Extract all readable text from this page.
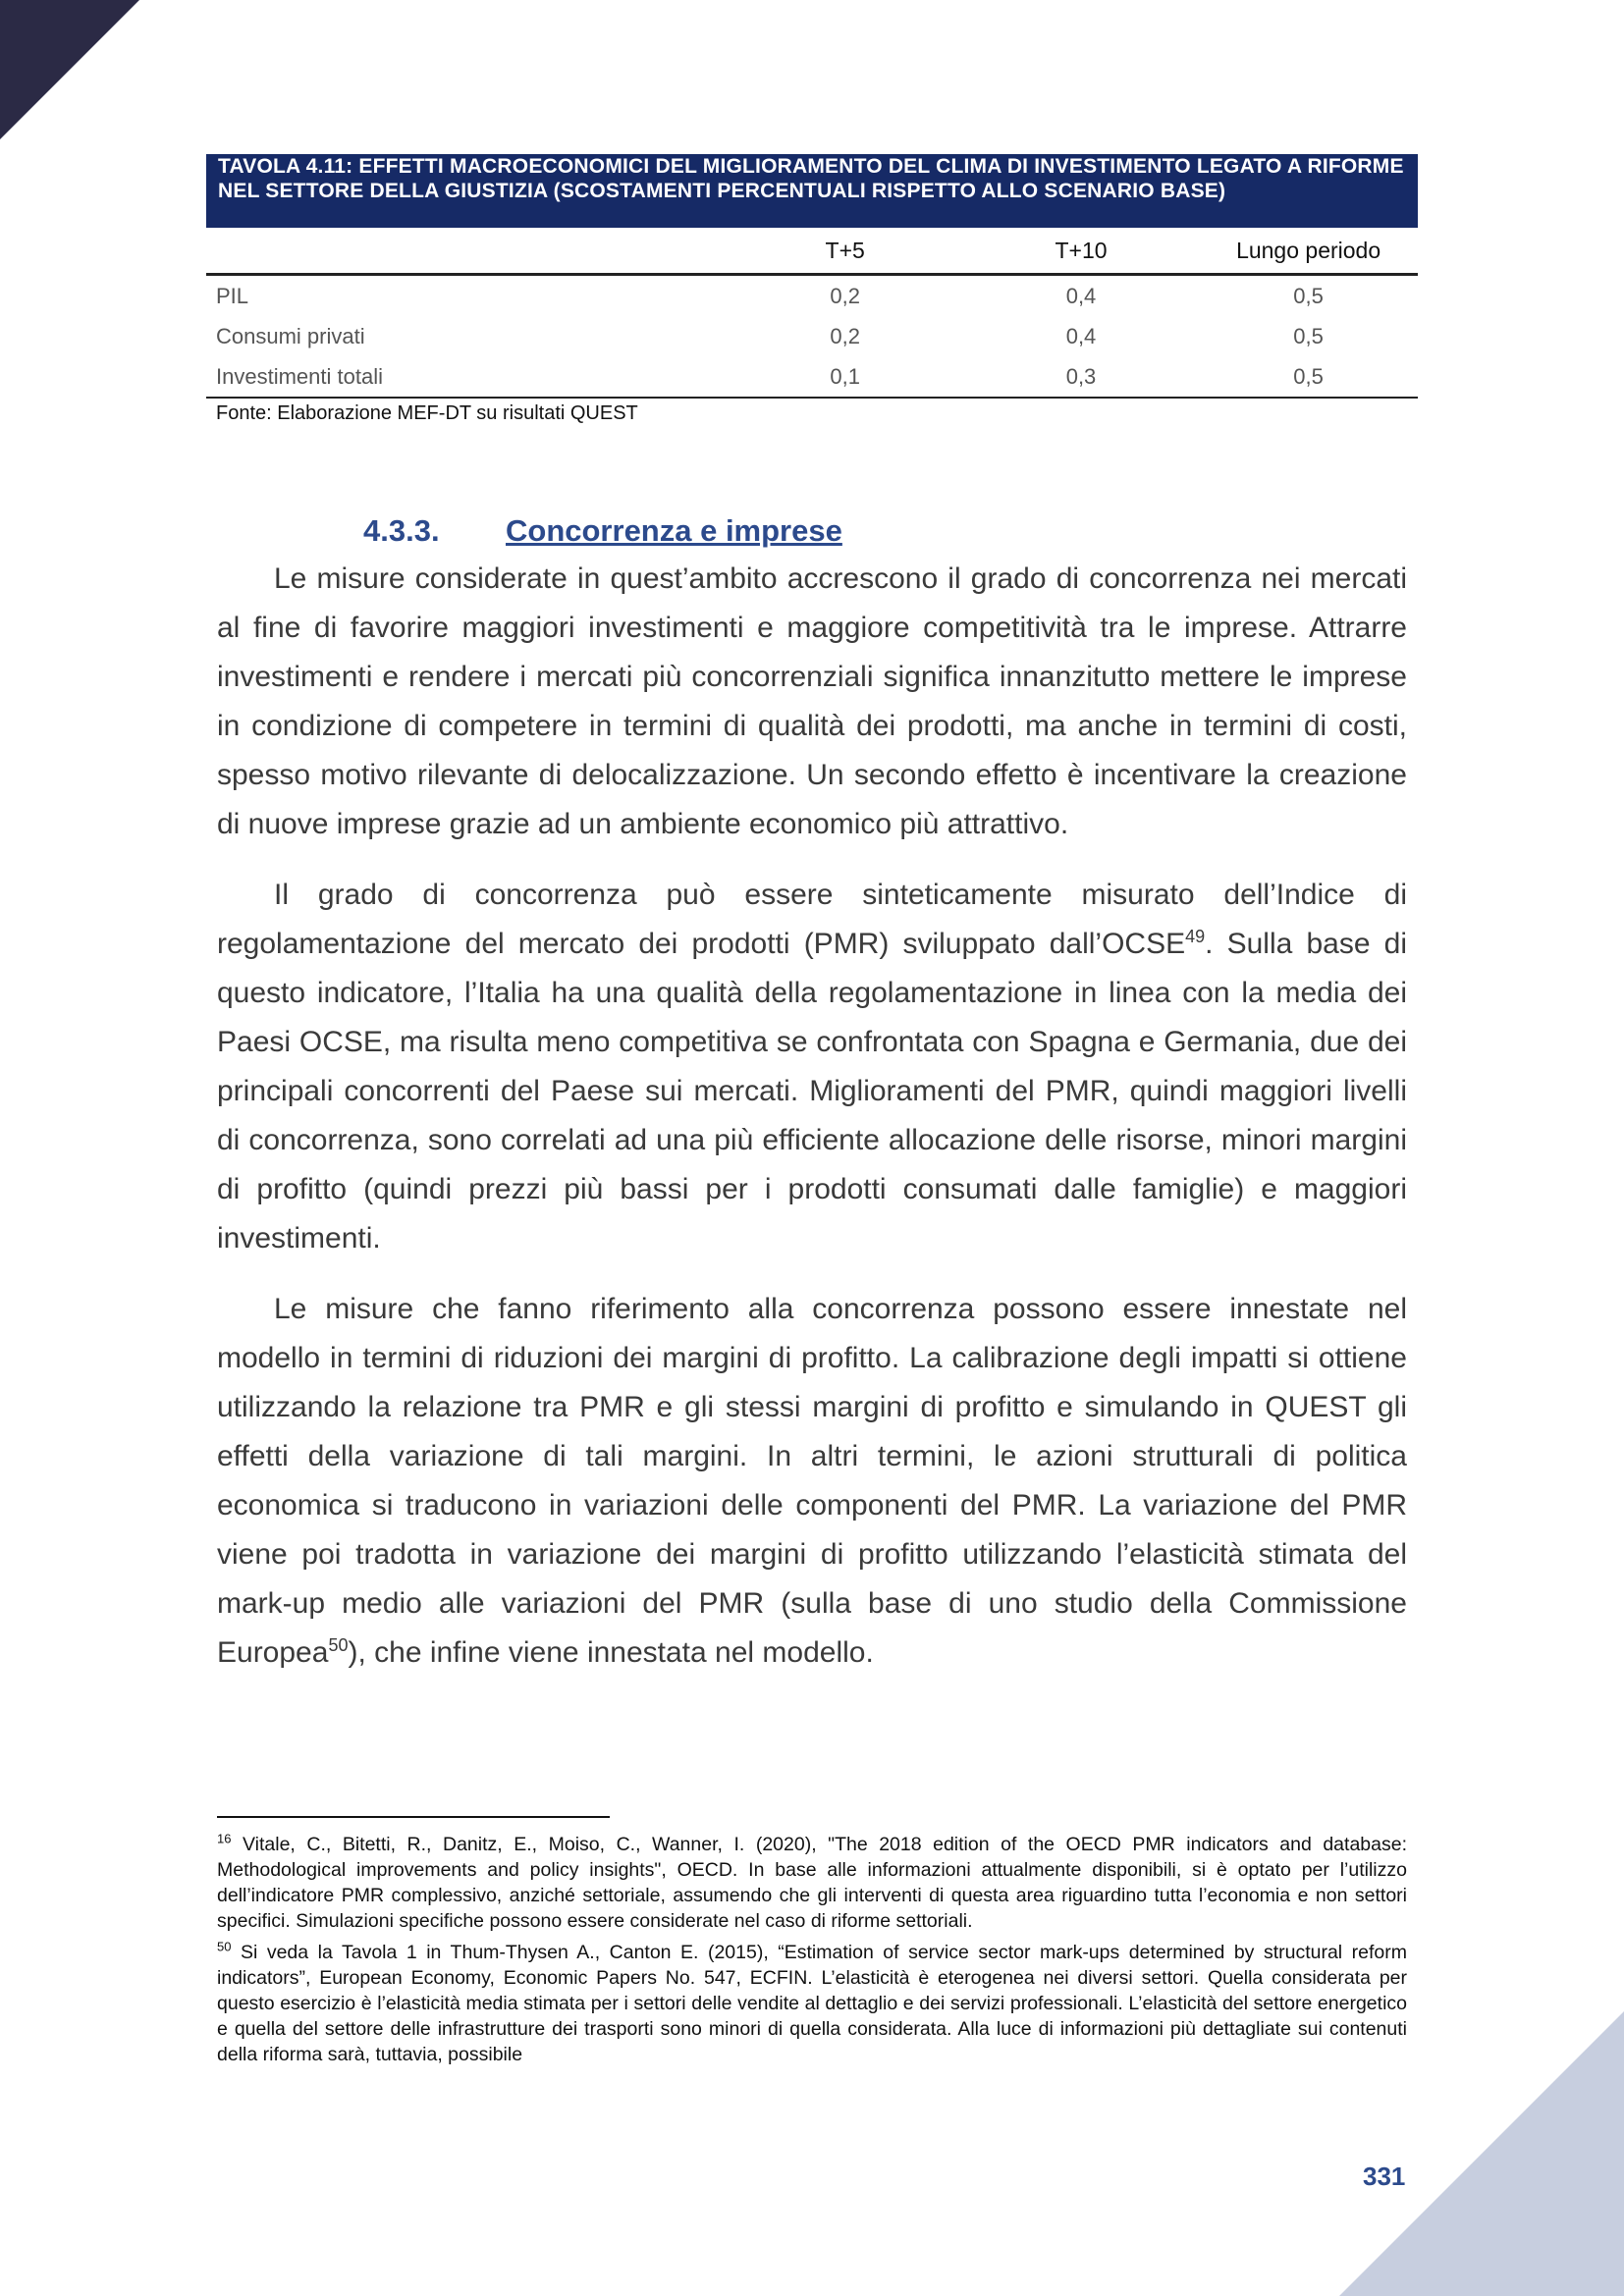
TAVOLA 4.11: EFFETTI MACROECONOMICI DEL MIGLIORAMENTO DEL CLIMA DI INVESTIMENTO LEGATO A RIFORME NEL SETTORE DELLA GIUSTIZIA (SCOSTAMENTI PERCENTUALI RISPETTO ALLO SCENARIO BASE)
	T+5	T+10	Lungo periodo
PIL	0,2	0,4	0,5
Consumi privati	0,2	0,4	0,5
Investimenti totali	0,1	0,3	0,5
Fonte: Elaborazione MEF-DT su risultati QUEST
4.3.3. Concorrenza e imprese

Le misure considerate in quest’ambito accrescono il grado di concorrenza nei mercati al fine di favorire maggiori investimenti e maggiore competitività tra le imprese. Attrarre investimenti e rendere i mercati più concorrenziali significa innanzitutto mettere le imprese in condizione di competere in termini di qualità dei prodotti, ma anche in termini di costi, spesso motivo rilevante di delocalizzazione. Un secondo effetto è incentivare la creazione di nuove imprese grazie ad un ambiente economico più attrattivo.

Il grado di concorrenza può essere sinteticamente misurato dell’Indice di regolamentazione del mercato dei prodotti (PMR) sviluppato dall’OCSE$^{49}$. Sulla base di questo indicatore, l’Italia ha una qualità della regolamentazione in linea con la media dei Paesi OCSE, ma risulta meno competitiva se confrontata con Spagna e Germania, due dei principali concorrenti del Paese sui mercati. Miglioramenti del PMR, quindi maggiori livelli di concorrenza, sono correlati ad una più efficiente allocazione delle risorse, minori margini di profitto (quindi prezzi più bassi per i prodotti consumati dalle famiglie) e maggiori investimenti.

Le misure che fanno riferimento alla concorrenza possono essere innestate nel modello in termini di riduzioni dei margini di profitto. La calibrazione degli impatti si ottiene utilizzando la relazione tra PMR e gli stessi margini di profitto e simulando in QUEST gli effetti della variazione di tali margini. In altri termini, le azioni strutturali di politica economica si traducono in variazioni delle componenti del PMR. La variazione del PMR viene poi tradotta in variazione dei margini di profitto utilizzando l’elasticità stimata del mark-up medio alle variazioni del PMR (sulla base di uno studio della Commissione Europea$^{50}$), che infine viene innestata nel modello.

$^{16}$ Vitale, C., Bitetti, R., Danitz, E., Moiso, C., Wanner, I. (2020), "The 2018 edition of the OECD PMR indicators and database: Methodological improvements and policy insights", OECD. In base alle informazioni attualmente disponibili, si è optato per l’utilizzo dell’indicatore PMR complessivo, anziché settoriale, assumendo che gli interventi di questa area riguardino tutta l’economia e non settori specifici. Simulazioni specifiche possono essere considerate nel caso di riforme settoriali.

$^{50}$ Si veda la Tavola 1 in Thum-Thysen A., Canton E. (2015), “Estimation of service sector mark-ups determined by structural reform indicators”, European Economy, Economic Papers No. 547, ECFIN. L’elasticità è eterogenea nei diversi settori. Quella considerata per questo esercizio è l’elasticità media stimata per i settori delle vendite al dettaglio e dei servizi professionali. L’elasticità del settore energetico e quella del settore delle infrastrutture dei trasporti sono minori di quella considerata. Alla luce di informazioni più dettagliate sui contenuti della riforma sarà, tuttavia, possibile

331
